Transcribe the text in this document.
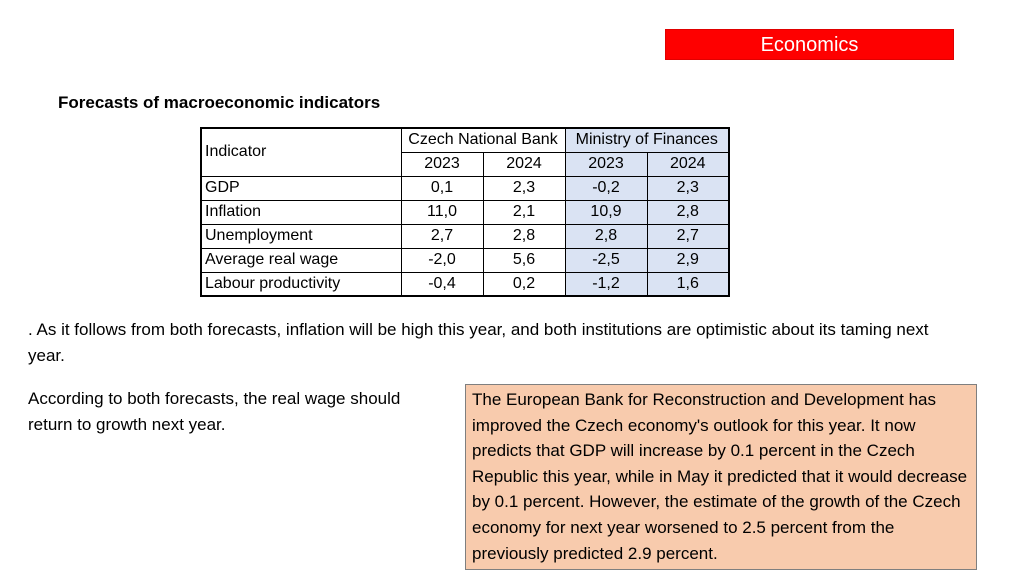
Economics
Forecasts of macroeconomic indicators
Indicator	Czech National Bank		Ministry of Finances	
	2023	2024	2023	2024
GDP	0,1	2,3	-0,2	2,3
Inflation	11,0	2,1	10,9	2,8
Unemployment	2,7	2,8	2,8	2,7
Average real wage	-2,0	5,6	-2,5	2,9
Labour productivity	-0,4	0,2	-1,2	1,6
. As it follows from both forecasts, inflation will be high this year, and both institutions are optimistic about its taming next year.
According to both forecasts, the real wage should return to growth next year.
The European Bank for Reconstruction and Development has improved the Czech economy's outlook for this year. It now predicts that GDP will increase by 0.1 percent in the Czech Republic this year, while in May it predicted that it would decrease by 0.1 percent. However, the estimate of the growth of the Czech economy for next year worsened to 2.5 percent from the previously predicted 2.9 percent.
